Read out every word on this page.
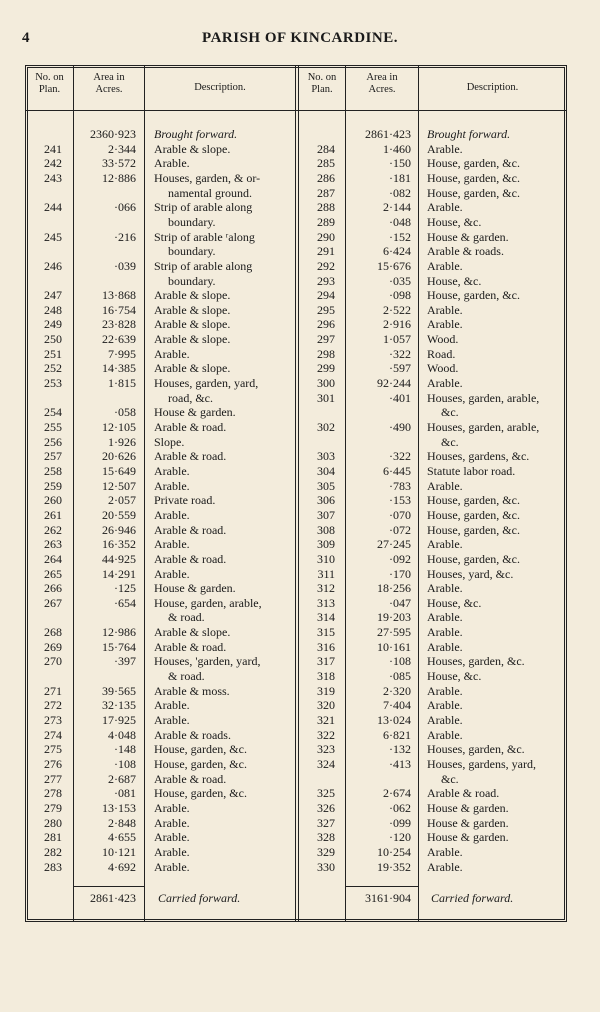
4	PARISH OF KINCARDINE.
No. on
Plan.
Area in
Acres.	Description.
No. on
Plan.
Area in
Acres.	Description.
2360·923 Brought forward.
241	2·344 Arable & slope.
242	33·572 Arable.
243	12·886 Houses, garden, & or-
namental ground.
244	·066 Strip of arable along
boundary.
245	·216 Strip of arable ʳalong
boundary.
246	·039 Strip of arable along
boundary.
247	13·868 Arable & slope.
248	16·754 Arable & slope.
249	23·828 Arable & slope.
250	22·639 Arable & slope.
251	7·995 Arable.
252	14·385 Arable & slope.
253	1·815 Houses, garden, yard,
road, &c.
254	·058 House & garden.
255	12·105 Arable & road.
256	1·926 Slope.
257	20·626 Arable & road.
258	15·649 Arable.
259	12·507 Arable.
260	2·057 Private road.
261	20·559 Arable.
262	26·946 Arable & road.
263	16·352 Arable.
264	44·925 Arable & road.
265	14·291 Arable.
266	·125 House & garden.
267	·654 House, garden, arable,
& road.
268	12·986 Arable & slope.
269	15·764 Arable & road.
270	·397 Houses, 'garden, yard,
& road.
271	39·565 Arable & moss.
272	32·135 Arable.
273	17·925 Arable.
274	4·048 Arable & roads.
275	·148 House, garden, &c.
276	·108 House, garden, &c.
277	2·687 Arable & road.
278	·081 House, garden, &c.
279	13·153 Arable.
280	2·848 Arable.
281	4·655 Arable.
282	10·121 Arable.
283	4·692 Arable.
2861·423 Carried forward.
2861·423 Brought forward.
284	1·460 Arable.
285	·150 House, garden, &c.
286	·181 House, garden, &c.
287	·082 House, garden, &c.
288	2·144 Arable.
289	·048 House, &c.
290	·152 House & garden.
291	6·424 Arable & roads.
292	15·676 Arable.
293	·035 House, &c.
294	·098 House, garden, &c.
295	2·522 Arable.
296	2·916 Arable.
297	1·057 Wood.
298	·322 Road.
299	·597 Wood.
300	92·244 Arable.
301	·401 Houses, garden, arable,
&c.
302	·490 Houses, garden, arable,
&c.
303	·322 Houses, gardens, &c.
304	6·445 Statute labor road.
305	·783 Arable.
306	·153 House, garden, &c.
307	·070 House, garden, &c.
308	·072 House, garden, &c.
309	27·245 Arable.
310	·092 House, garden, &c.
311	·170 Houses, yard, &c.
312	18·256 Arable.
313	·047 House, &c.
314	19·203 Arable.
315	27·595 Arable.
316	10·161 Arable.
317	·108 Houses, garden, &c.
318	·085 House, &c.
319	2·320 Arable.
320	7·404 Arable.
321	13·024 Arable.
322	6·821 Arable.
323	·132 Houses, garden, &c.
324	·413 Houses, gardens, yard,
&c.
325	2·674 Arable & road.
326	·062 House & garden.
327	·099 House & garden.
328	·120 House & garden.
329	10·254 Arable.
330	19·352 Arable.
3161·904 Carried forward.
